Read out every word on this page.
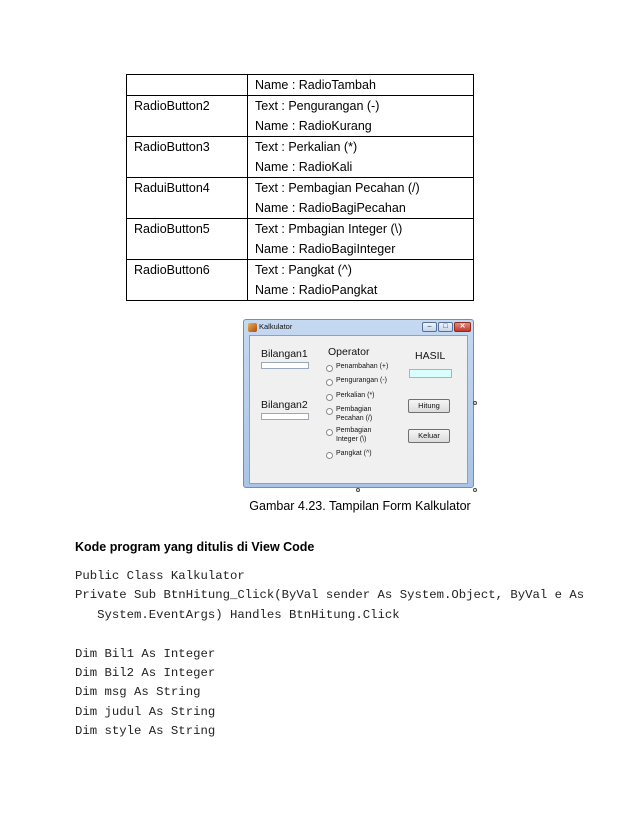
	Name : RadioTambah

RadioButton2	Text : Pengurangan (-)
Name : RadioKurang

RadioButton3	Text : Perkalian (*)
Name : RadioKali

RaduiButton4	Text : Pembagian Pecahan (/)
Name : RadioBagiPecahan

RadioButton5	Text : Pmbagian Integer (\)
Name : RadioBagiInteger

RadioButton6	Text : Pangkat (^)
Name : RadioPangkat
Kalkulator	–	□	✕
Bilangan1
Bilangan2
Operator
Penambahan (+)
Pengurangan (-)
Perkalian (*)
Pembagian
Pecahan (/)
Pembagian
Integer (\)
Pangkat (^)
HASIL
Hitung
Keluar
Gambar 4.23. Tampilan Form Kalkulator
Kode program yang ditulis di View Code
Public Class Kalkulator
Private Sub BtnHitung_Click(ByVal sender As System.Object, ByVal e As
System.EventArgs) Handles BtnHitung.Click
Dim Bil1 As Integer
Dim Bil2 As Integer
Dim msg As String
Dim judul As String
Dim style As String
